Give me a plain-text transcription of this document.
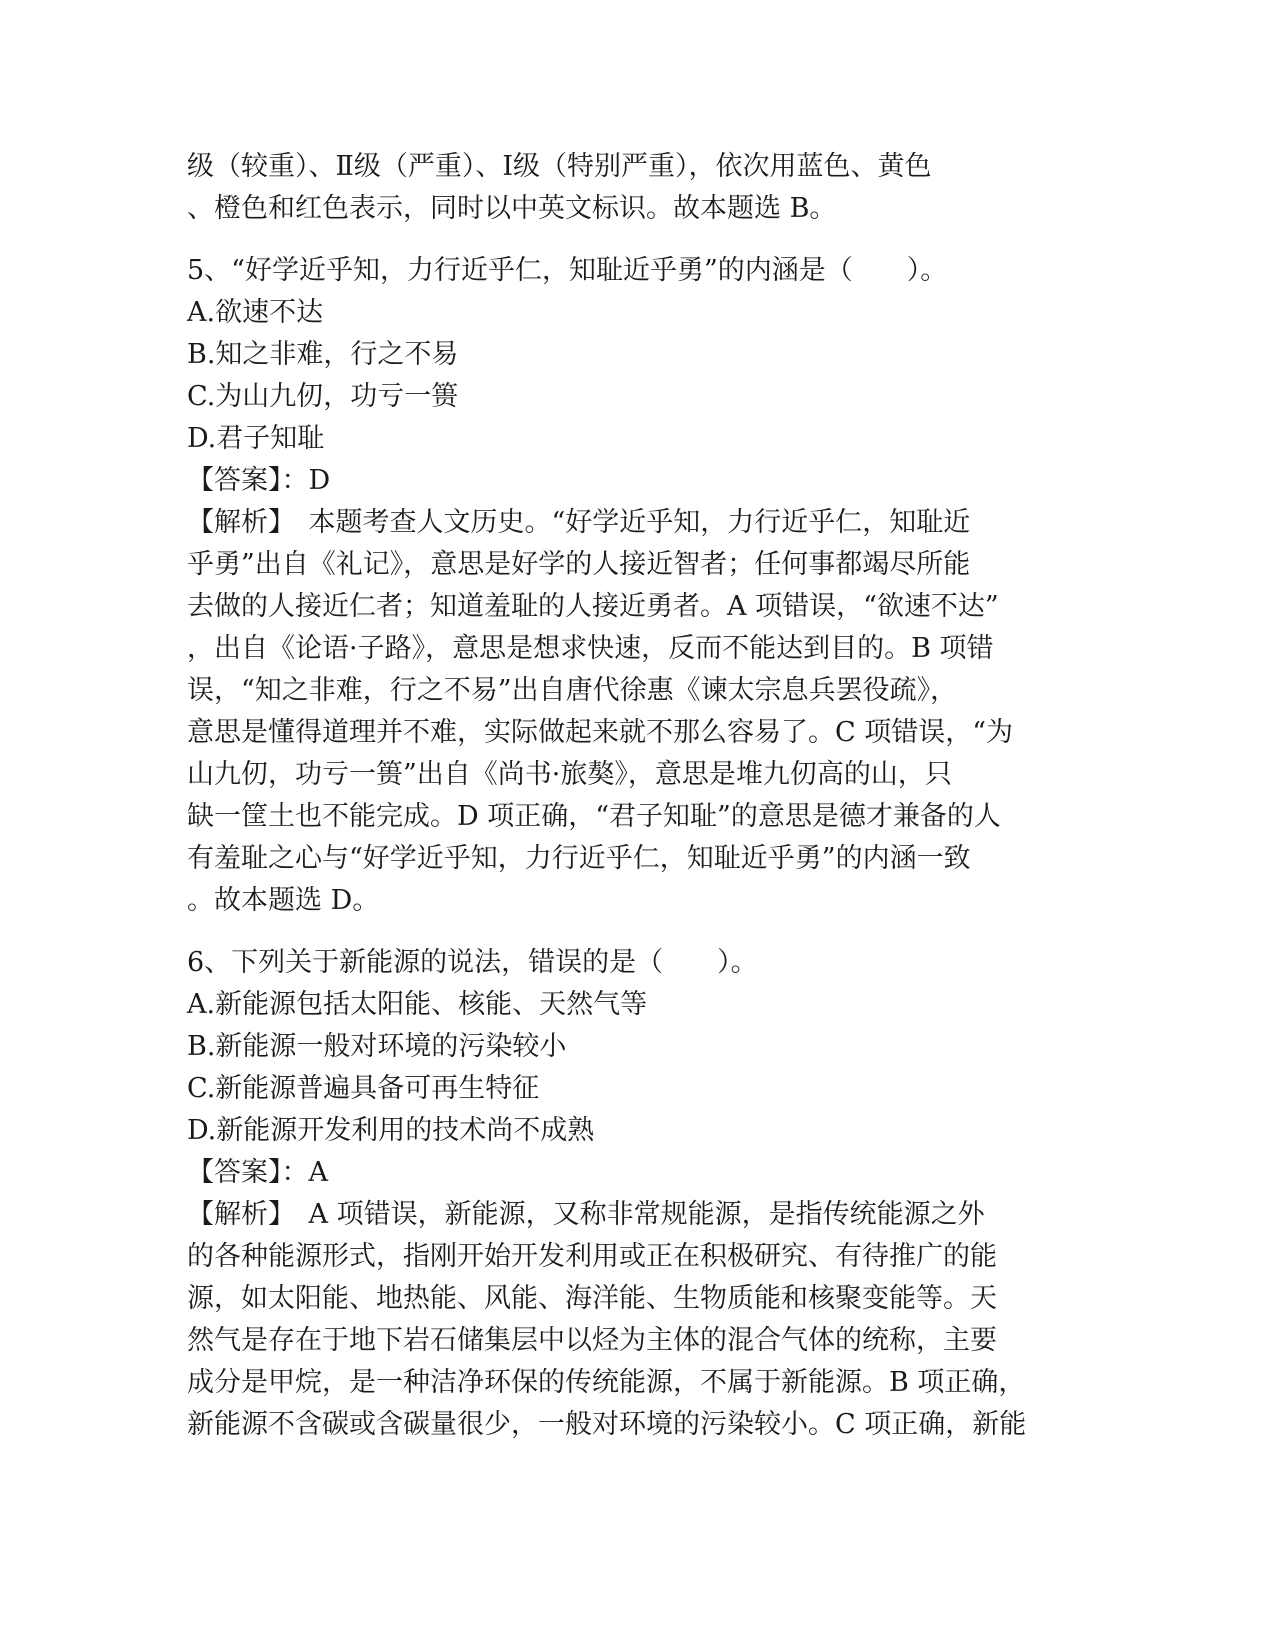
级（较重）、Ⅱ级（严重）、Ⅰ级（特别严重），依次用蓝色、黄色
、橙色和红色表示，同时以中英文标识。故本题选 B。
5、“好学近乎知，力行近乎仁，知耻近乎勇”的内涵是（　　）。
A.欲速不达
B.知之非难，行之不易
C.为山九仞，功亏一篑
D.君子知耻
【答案】：D
【解析】　本题考查人文历史。“好学近乎知，力行近乎仁，知耻近
乎勇”出自《礼记》，意思是好学的人接近智者；任何事都竭尽所能
去做的人接近仁者；知道羞耻的人接近勇者。A 项错误，“欲速不达”
，出自《论语·子路》，意思是想求快速，反而不能达到目的。B 项错
误，“知之非难，行之不易”出自唐代徐惠《谏太宗息兵罢役疏》，
意思是懂得道理并不难，实际做起来就不那么容易了。C 项错误，“为
山九仞，功亏一篑”出自《尚书·旅獒》，意思是堆九仞高的山，只
缺一筐土也不能完成。D 项正确，“君子知耻”的意思是德才兼备的人
有羞耻之心与“好学近乎知，力行近乎仁，知耻近乎勇”的内涵一致
。故本题选 D。
6、下列关于新能源的说法，错误的是（　　）。
A.新能源包括太阳能、核能、天然气等
B.新能源一般对环境的污染较小
C.新能源普遍具备可再生特征
D.新能源开发利用的技术尚不成熟
【答案】：A
【解析】　A 项错误，新能源，又称非常规能源，是指传统能源之外
的各种能源形式，指刚开始开发利用或正在积极研究、有待推广的能
源，如太阳能、地热能、风能、海洋能、生物质能和核聚变能等。天
然气是存在于地下岩石储集层中以烃为主体的混合气体的统称，主要
成分是甲烷，是一种洁净环保的传统能源，不属于新能源。B 项正确，
新能源不含碳或含碳量很少，一般对环境的污染较小。C 项正确，新能
